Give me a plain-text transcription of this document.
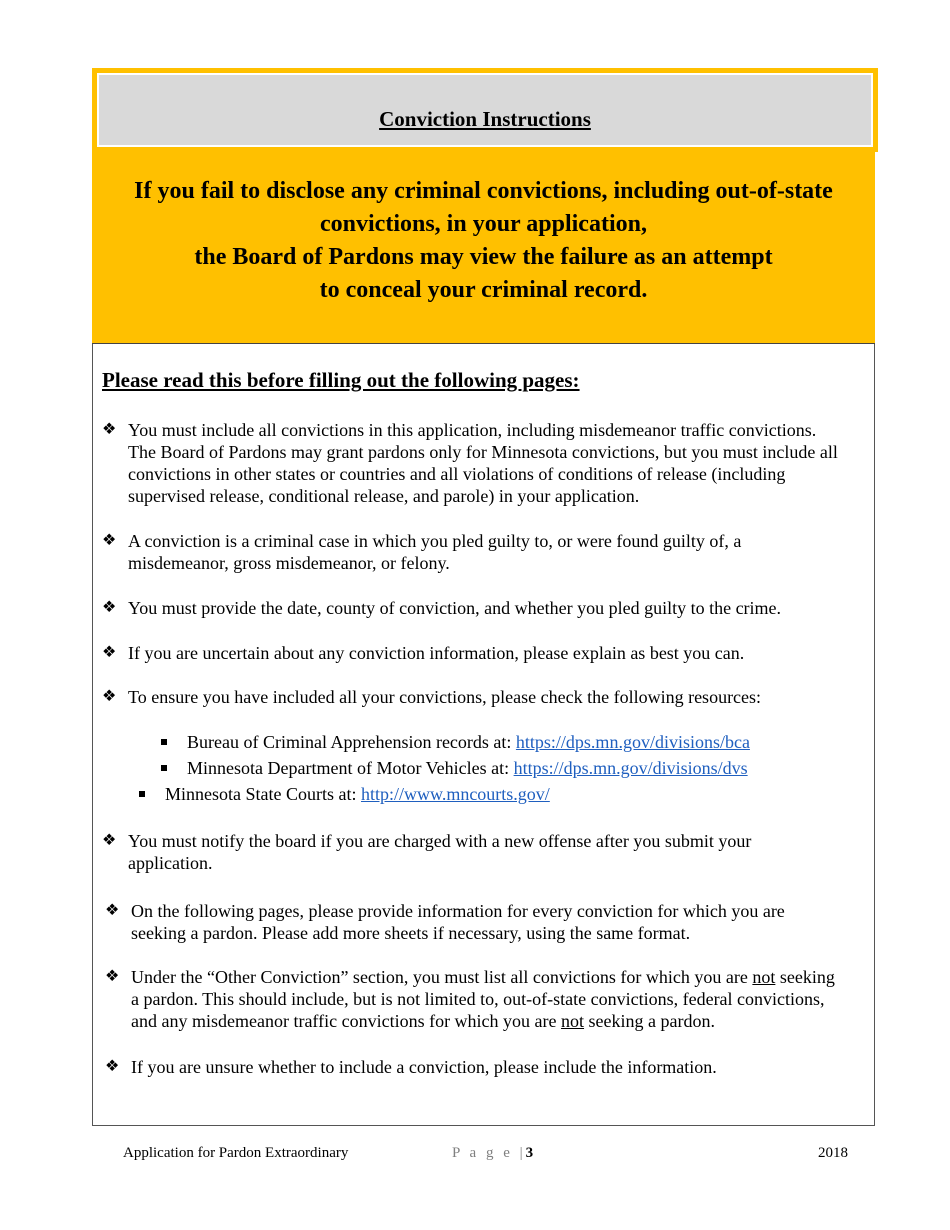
Conviction Instructions
If you fail to disclose any criminal convictions, including out-of-state
convictions, in your application,
the Board of Pardons may view the failure as an attempt
to conceal your criminal record.
Please read this before filling out the following pages:
❖ You must include all convictions in this application, including misdemeanor traffic convictions.
The Board of Pardons may grant pardons only for Minnesota convictions, but you must include all
convictions in other states or countries and all violations of conditions of release (including
supervised release, conditional release, and parole) in your application.
❖ A conviction is a criminal case in which you pled guilty to, or were found guilty of, a
misdemeanor, gross misdemeanor, or felony.
❖ You must provide the date, county of conviction, and whether you pled guilty to the crime.
❖ If you are uncertain about any conviction information, please explain as best you can.
❖ To ensure you have included all your convictions, please check the following resources:
Bureau of Criminal Apprehension records at: https://dps.mn.gov/divisions/bca
Minnesota Department of Motor Vehicles at: https://dps.mn.gov/divisions/dvs
Minnesota State Courts at: http://www.mncourts.gov/
❖ You must notify the board if you are charged with a new offense after you submit your
application.
❖ On the following pages, please provide information for every conviction for which you are
seeking a pardon. Please add more sheets if necessary, using the same format.
❖ Under the “Other Conviction” section, you must list all convictions for which you are not seeking
a pardon. This should include, but is not limited to, out-of-state convictions, federal convictions,
and any misdemeanor traffic convictions for which you are not seeking a pardon.
❖ If you are unsure whether to include a conviction, please include the information.
Application for Pardon Extraordinary	P a g e |3	2018
